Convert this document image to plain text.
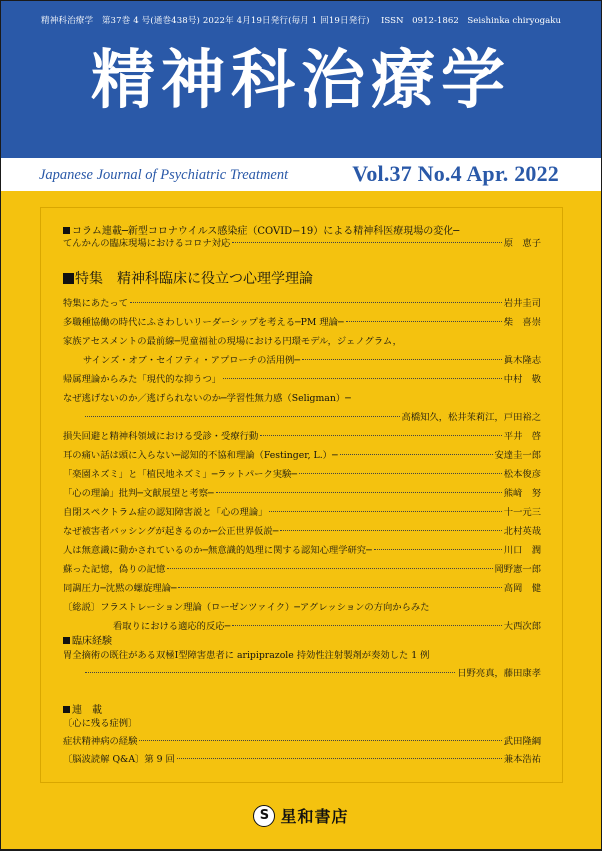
精神科治療学　第37巻 4 号(通巻438号) 2022年 4月19日発行(毎月 1 回19日発行) ISSN　0912-1862　Seishinka chiryogaku
精神科治療学
Japanese Journal of Psychiatric Treatment	Vol.37 No.4 Apr. 2022
コラム連載─新型コロナウイルス感染症（COVID−19）による精神科医療現場の変化─
てんかんの臨床現場におけるコロナ対応	原　恵子
特集　精神科臨床に役立つ心理学理論
特集にあたって	岩井圭司
多職種協働の時代にふさわしいリーダーシップを考える─PM 理論─	柴　喜崇
家族アセスメントの最前線─児童福祉の現場における円環モデル，ジェノグラム，
サインズ・オブ・セイフティ・アプローチの活用例─	眞木隆志
帰属理論からみた「現代的な抑うつ」	中村　敬
なぜ逃げないのか／逃げられないのか─学習性無力感（Seligman）─
高橋知久，松井茉莉江，戸田裕之
損失回避と精神科領域における受診・受療行動	平井　啓
耳の痛い話は頭に入らない─認知的不協和理論（Festinger, L.）─	安達圭一郎
「楽園ネズミ」と「植民地ネズミ」─ラットパーク実験─	松本俊彦
「心の理論」批判─文献展望と考察─	熊﨑　努
自閉スペクトラム症の認知障害説と「心の理論」	十一元三
なぜ被害者バッシングが起きるのか─公正世界仮説─	北村英哉
人は無意識に動かされているのか─無意識的処理に関する認知心理学研究─	川口　潤
蘇った記憶，偽りの記憶	岡野憲一郎
同調圧力─沈黙の螺旋理論─	高岡　健
〔総説〕フラストレーション理論（ローゼンツァイク）─アグレッションの方向からみた
看取りにおける適応的反応─	大西次郎
臨床経験
胃全摘術の既往がある双極Ⅰ型障害患者に aripiprazole 持効性注射製剤が奏効した 1 例
日野亮真，藤田康孝
連　載
〔心に残る症例〕
症状精神病の経験	武田隆綱
〔脳波読解 Q&A〕第 9 回	兼本浩祐
S 星和書店
